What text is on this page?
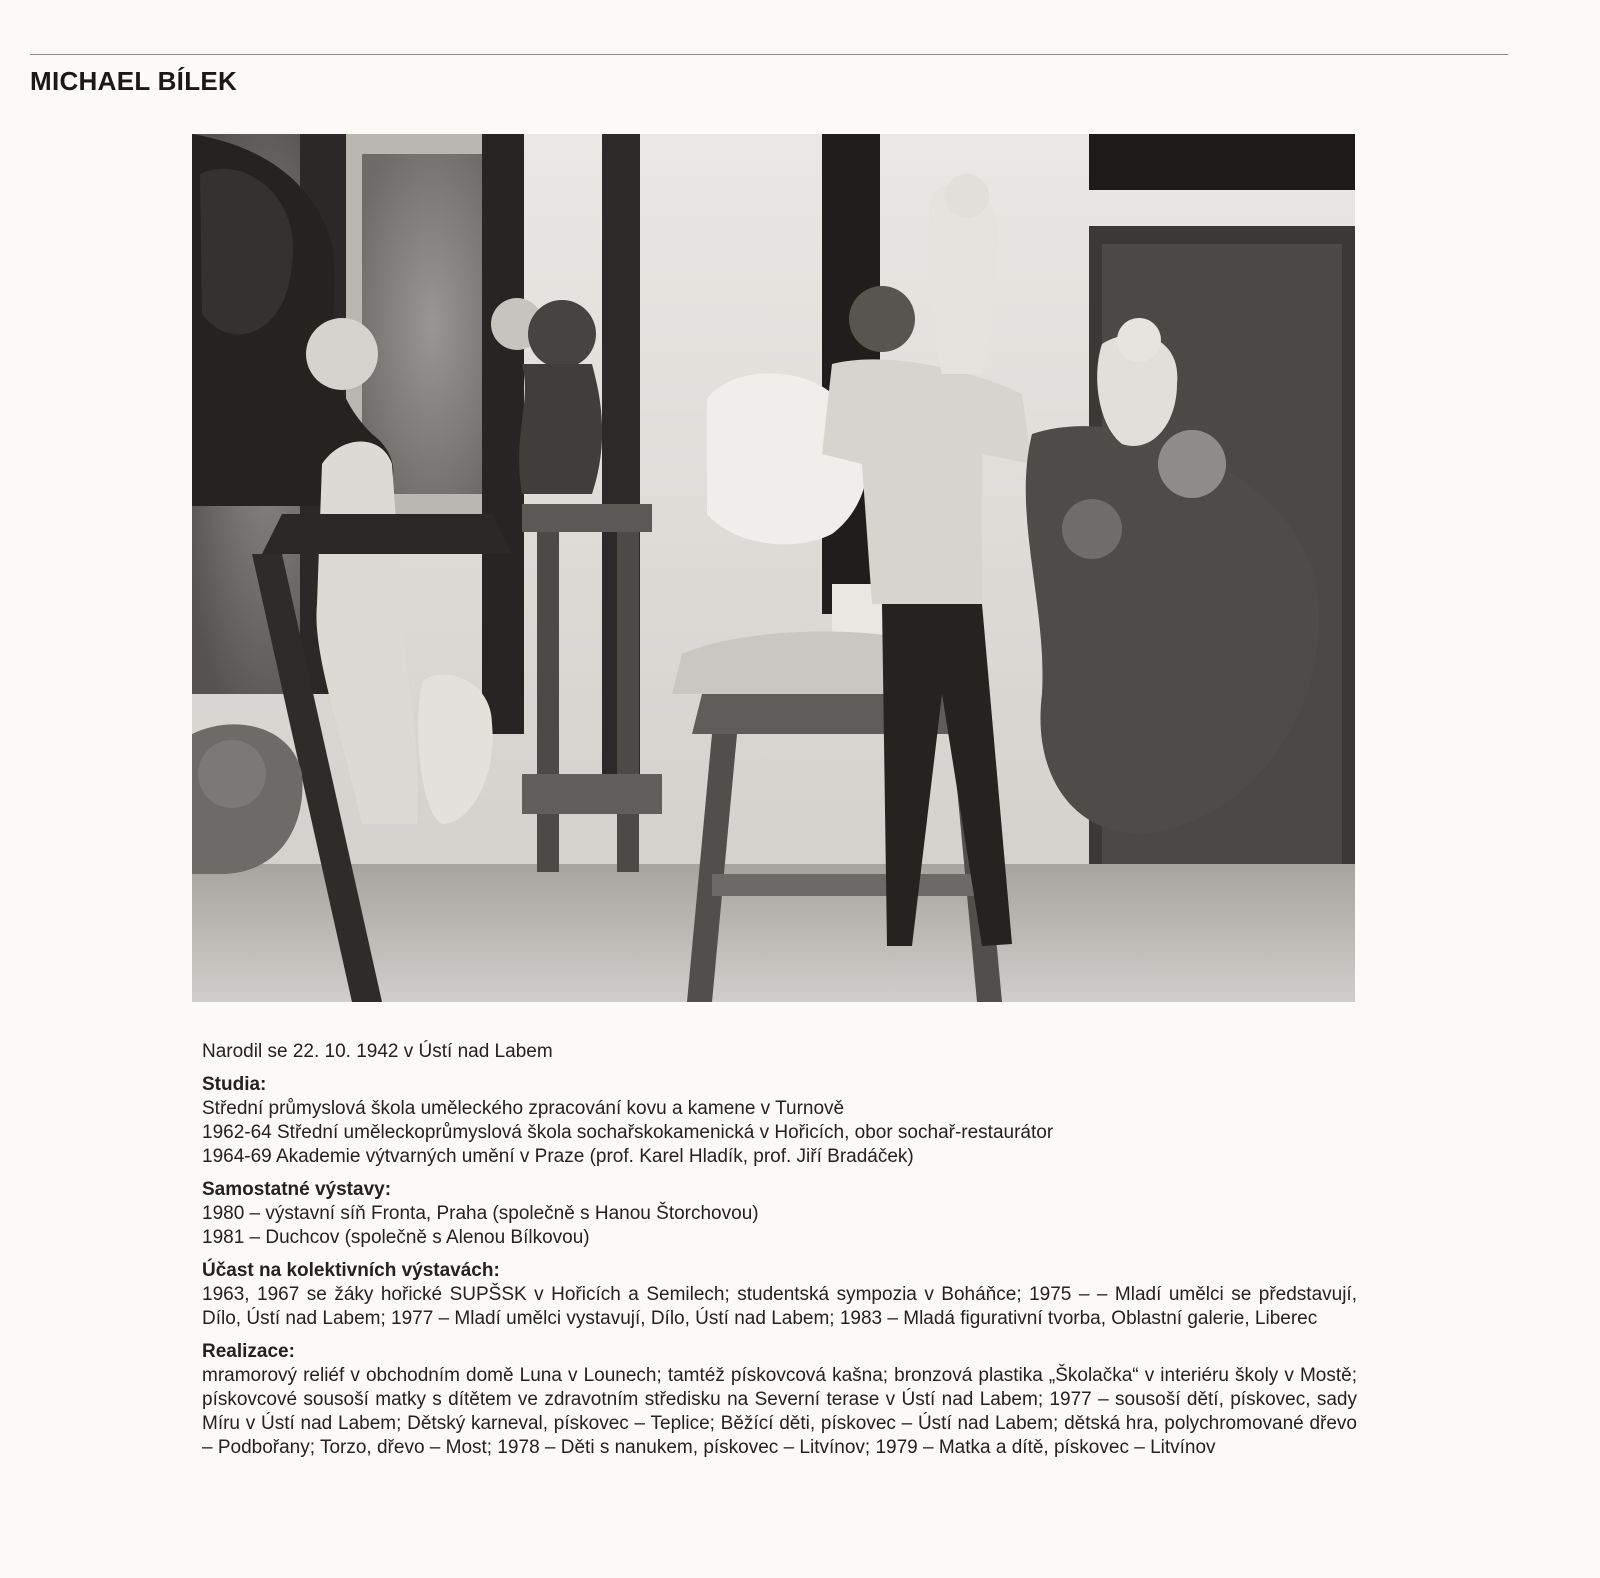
MICHAEL BÍLEK

Narodil se 22. 10. 1942 v Ústí nad Labem

Studia:
Střední průmyslová škola uměleckého zpracování kovu a kamene v Turnově
1962-64 Střední uměleckoprůmyslová škola sochařskokamenická v Hořicích, obor sochař-restaurátor
1964-69 Akademie výtvarných umění v Praze (prof. Karel Hladík, prof. Jiří Bradáček)
Samostatné výstavy:
1980 – výstavní síň Fronta, Praha (společně s Hanou Štorchovou)
1981 – Duchcov (společně s Alenou Bílkovou)
Účast na kolektivních výstavách:

1963, 1967 se žáky hořické SUPŠSK v Hořicích a Semilech; studentská sympozia v Boháňce; 1975 – – Mladí umělci se představují, Dílo, Ústí nad Labem; 1977 – Mladí umělci vystavují, Dílo, Ústí nad Labem; 1983 – Mladá figurativní tvorba, Oblastní galerie, Liberec

Realizace:

mramorový reliéf v obchodním domě Luna v Lounech; tamtéž pískovcová kašna; bronzová plastika „Školačka“ v interiéru školy v Mostě; pískovcové sousoší matky s dítětem ve zdravotním středisku na Severní terase v Ústí nad Labem; 1977 – sousoší dětí, pískovec, sady Míru v Ústí nad Labem; Dětský karneval, pískovec – Teplice; Běžící děti, pískovec – Ústí nad Labem; dětská hra, polychromované dřevo – Podbořany; Torzo, dřevo – Most; 1978 – Děti s nanukem, pískovec – Litvínov; 1979 – Matka a dítě, pískovec – Litvínov
